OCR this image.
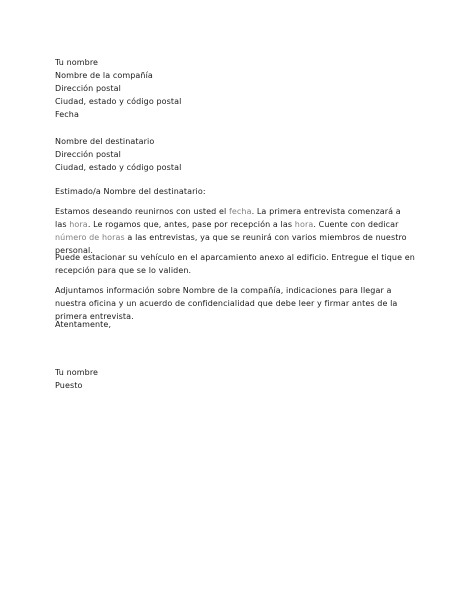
Tu nombre
Nombre de la compañía
Dirección postal
Ciudad, estado y código postal
Fecha
Nombre del destinatario
Dirección postal
Ciudad, estado y código postal
Estimado/a Nombre del destinatario:
Estamos deseando reunirnos con usted el fecha. La primera entrevista comenzará a las hora. Le rogamos que, antes, pase por recepción a las hora. Cuente con dedicar número de horas a las entrevistas, ya que se reunirá con varios miembros de nuestro personal.
Puede estacionar su vehículo en el aparcamiento anexo al edificio. Entregue el tique en recepción para que se lo validen.
Adjuntamos información sobre Nombre de la compañía, indicaciones para llegar a nuestra oficina y un acuerdo de confidencialidad que debe leer y firmar antes de la primera entrevista.
Atentamente,
Tu nombre
Puesto
